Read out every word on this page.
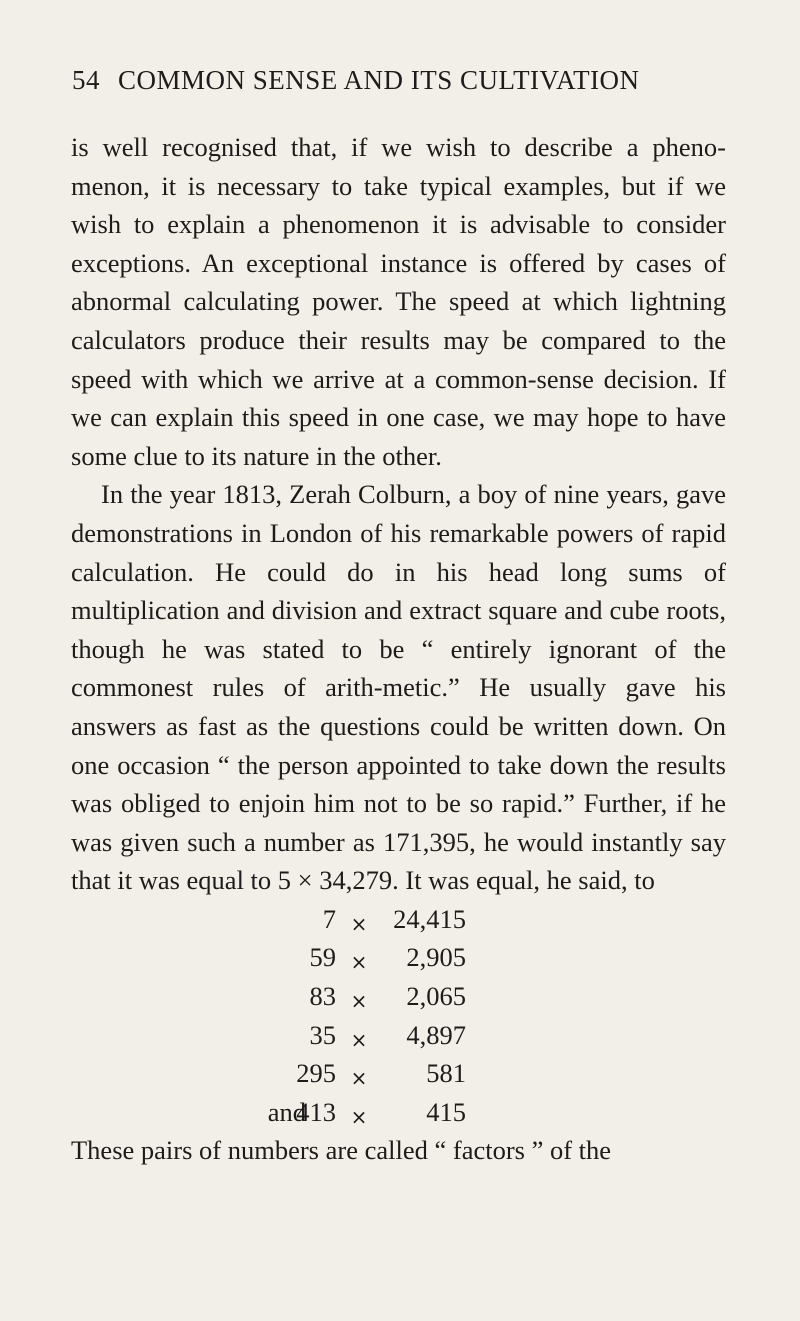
54 COMMON SENSE AND ITS CULTIVATION

is well recognised that, if we wish to describe a pheno-menon, it is necessary to take typical examples, but if we wish to explain a phenomenon it is advisable to consider exceptions. An exceptional instance is offered by cases of abnormal calculating power. The speed at which lightning calculators produce their results may be compared to the speed with which we arrive at a common-sense decision. If we can explain this speed in one case, we may hope to have some clue to its nature in the other.

In the year 1813, Zerah Colburn, a boy of nine years, gave demonstrations in London of his remarkable powers of rapid calculation. He could do in his head long sums of multiplication and division and extract square and cube roots, though he was stated to be “ entirely ignorant of the commonest rules of arith-metic.” He usually gave his answers as fast as the questions could be written down. On one occasion “ the person appointed to take down the results was obliged to enjoin him not to be so rapid.” Further, if he was given such a number as 171,395, he would instantly say that it was equal to 5 × 34,279. It was equal, he said, to

7 × 24,415
59 × 2,905
83 × 2,065
35 × 4,897
295 × 581
and
413 × 415

These pairs of numbers are called “ factors ” of the
